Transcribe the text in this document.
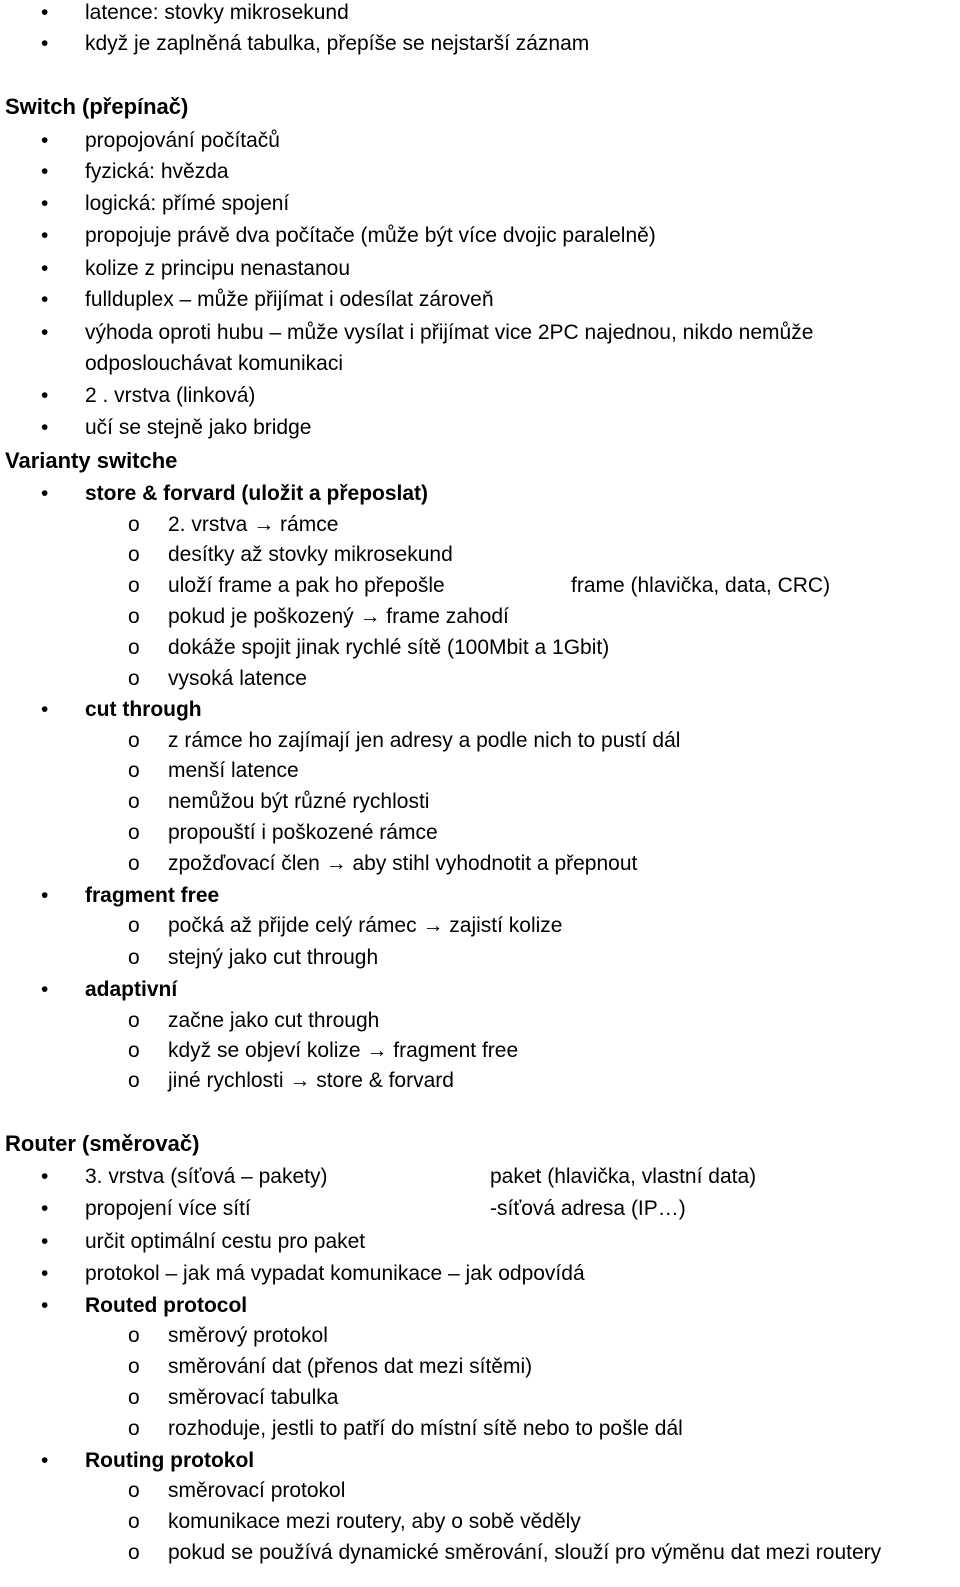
• latence: stovky mikrosekund
• když je zaplněná tabulka, přepíše se nejstarší záznam
Switch (přepínač)
• propojování počítačů
• fyzická: hvězda
• logická: přímé spojení
• propojuje právě dva počítače (může být více dvojic paralelně)
• kolize z principu nenastanou
• fullduplex – může přijímat i odesílat zároveň
• výhoda oproti hubu – může vysílat i přijímat vice 2PC najednou, nikdo nemůže
odposlouchávat komunikaci
• 2 . vrstva (linková)
• učí se stejně jako bridge
Varianty switche
• store & forvard (uložit a přeposlat)
o 2. vrstva → rámce
o desítky až stovky mikrosekund
o uloží frame a pak ho přepošle	frame (hlavička, data, CRC)
o pokud je poškozený → frame zahodí
o dokáže spojit jinak rychlé sítě (100Mbit a 1Gbit)
o vysoká latence
• cut through
o z rámce ho zajímají jen adresy a podle nich to pustí dál
o menší latence
o nemůžou být různé rychlosti
o propouští i poškozené rámce
o zpožďovací člen → aby stihl vyhodnotit a přepnout
• fragment free
o počká až přijde celý rámec → zajistí kolize
o stejný jako cut through
• adaptivní
o začne jako cut through
o když se objeví kolize → fragment free
o jiné rychlosti → store & forvard
Router (směrovač)
• 3. vrstva (síťová – pakety)	paket (hlavička, vlastní data)
• propojení více sítí	-síťová adresa (IP…)
• určit optimální cestu pro paket
• protokol – jak má vypadat komunikace – jak odpovídá
• Routed protocol
o směrový protokol
o směrování dat (přenos dat mezi sítěmi)
o směrovací tabulka
o rozhoduje, jestli to patří do místní sítě nebo to pošle dál
• Routing protokol
o směrovací protokol
o komunikace mezi routery, aby o sobě věděly
o pokud se používá dynamické směrování, slouží pro výměnu dat mezi routery
